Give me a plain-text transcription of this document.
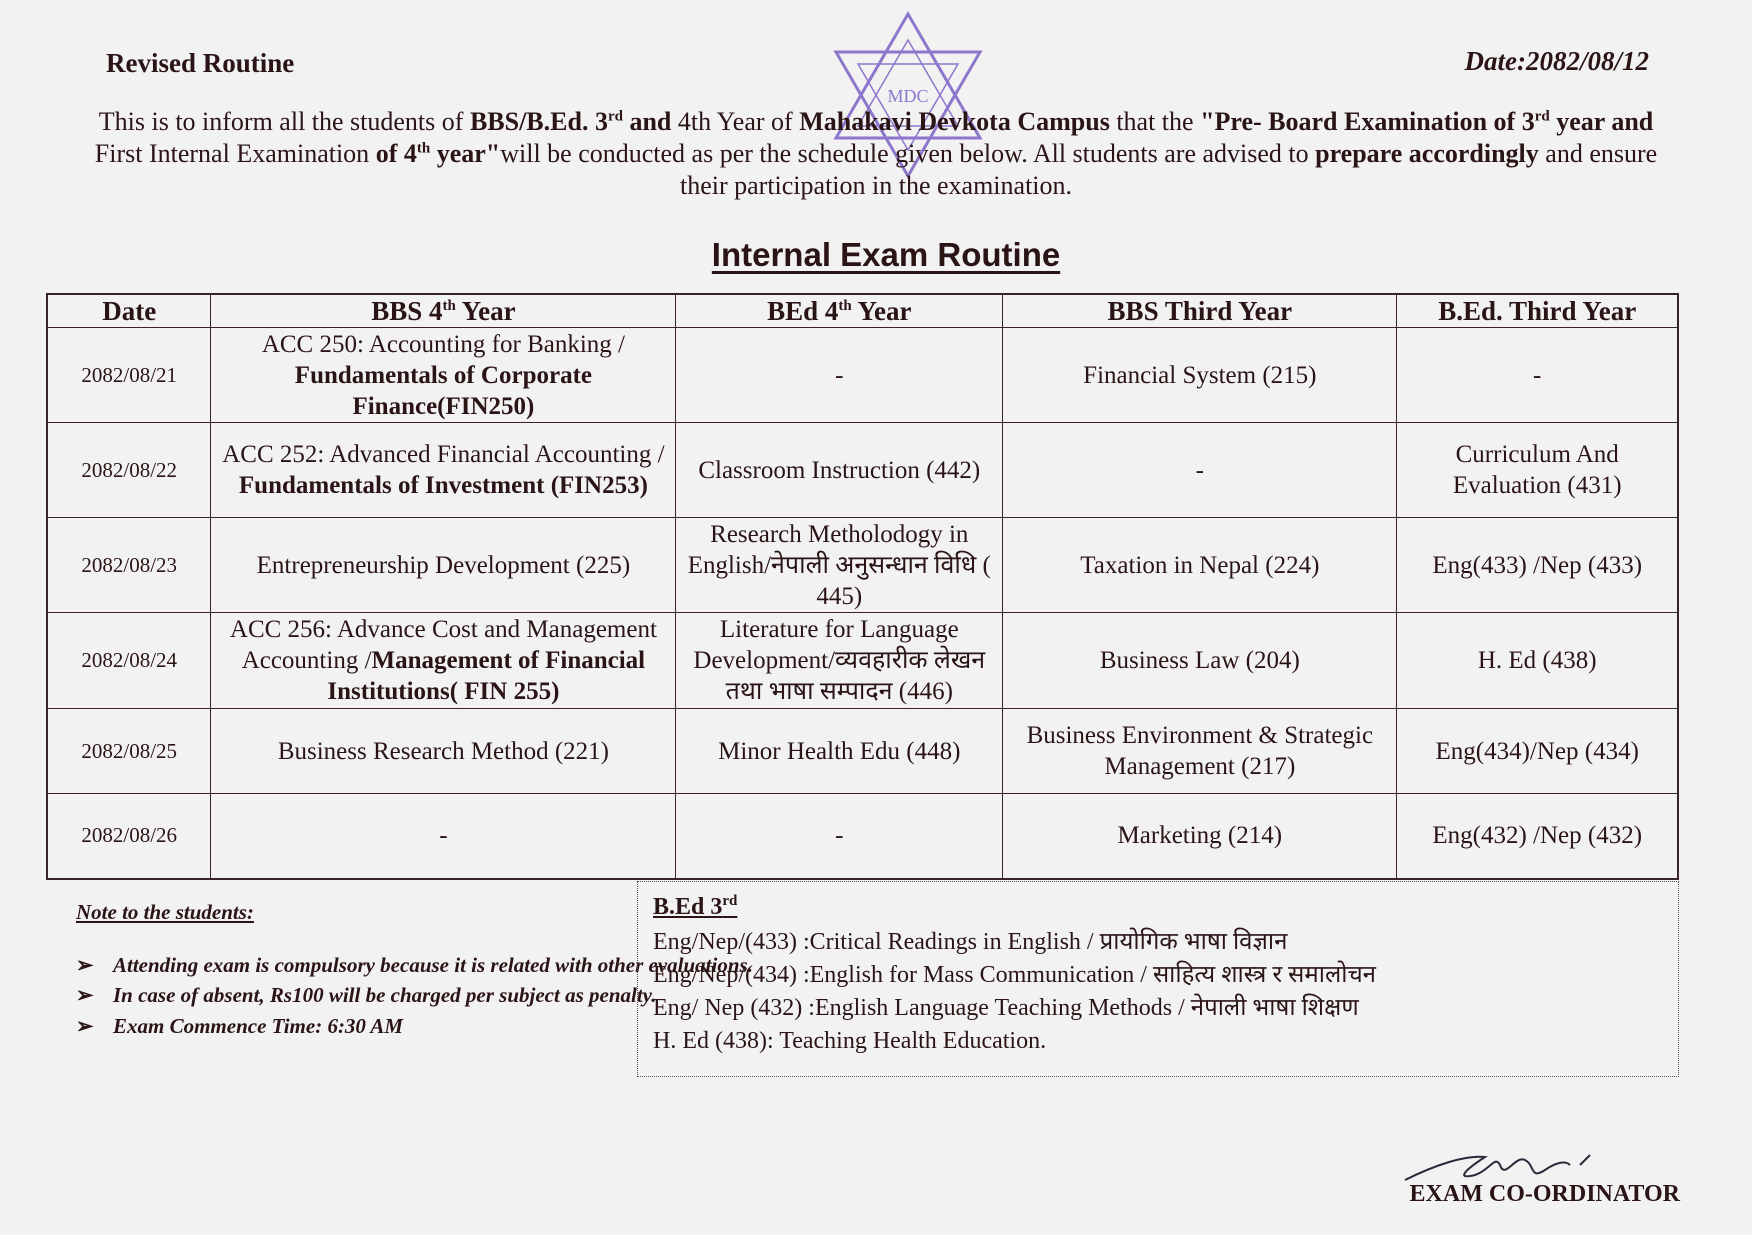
Revised Routine	Date:2082/08/12
MDC
This is to inform all the students of BBS/B.Ed. 3rd and 4th Year of Mahakavi Devkota Campus that the "Pre- Board Examination of 3rd year and First Internal Examination of 4th year"will be conducted as per the schedule given below. All students are advised to prepare accordingly and ensure their participation in the examination.
Internal Exam Routine
Date	BBS 4th Year	BEd 4th Year	BBS Third Year	B.Ed. Third Year
2082/08/21	ACC 250: Accounting for Banking / Fundamentals of Corporate Finance(FIN250)	-	Financial System (215)	-
2082/08/22	ACC 252: Advanced Financial Accounting / Fundamentals of Investment (FIN253)	Classroom Instruction (442)	-	Curriculum And Evaluation (431)
2082/08/23	Entrepreneurship Development (225)	Research Metholodogy in English/नेपाली अनुसन्धान विधि ( 445)	Taxation in Nepal (224)	Eng(433) /Nep (433)
2082/08/24	ACC 256: Advance Cost and Management Accounting /Management of Financial Institutions( FIN 255)	Literature for Language Development/व्यवहारीक लेखन तथा भाषा सम्पादन (446)	Business Law (204)	H. Ed (438)
2082/08/25	Business Research Method (221)	Minor Health Edu (448)	Business Environment & Strategic Management (217)	Eng(434)/Nep (434)
2082/08/26	-	-	Marketing (214)	Eng(432) /Nep (432)
Note to the students:
➢ Attending exam is compulsory because it is related with other evaluations.
➢ In case of absent, Rs100 will be charged per subject as penalty.
➢ Exam Commence Time: 6:30 AM
B.Ed 3rd
Eng/Nep/(433) :Critical Readings in English / प्रायोगिक भाषा विज्ञान
Eng/Nep/(434) :English for Mass Communication / साहित्य शास्त्र र समालोचन
Eng/ Nep (432) :English Language Teaching Methods / नेपाली भाषा शिक्षण
H. Ed (438): Teaching Health Education.
EXAM CO-ORDINATOR
